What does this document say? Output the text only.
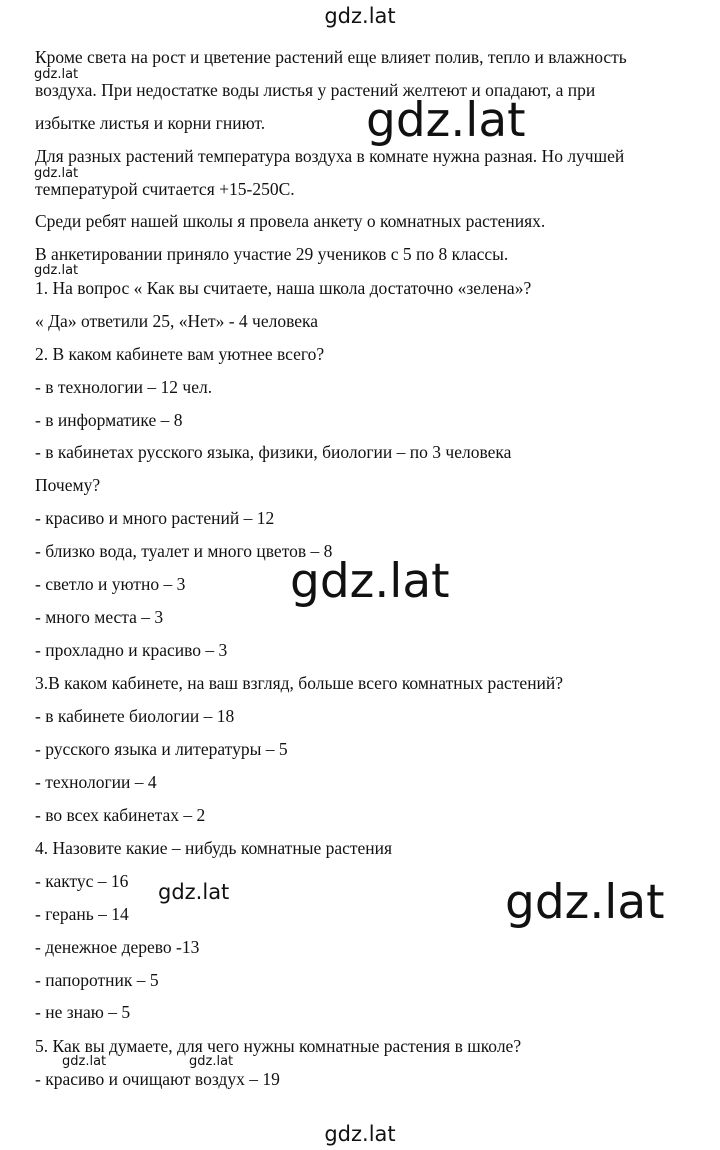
gdz.lat
gdz.lat

Кроме света на рост и цветение растений еще влияет полив, тепло и влажность

воздуха. При недостатке воды листья у растений желтеют и опадают, а при

избытке листья и корни гниют.

Для разных растений температура воздуха в комнате нужна разная. Но лучшей

температурой считается +15-250С.

Среди ребят нашей школы я провела анкету о комнатных растениях.

В анкетировании приняло участие 29 учеников с 5 по 8 классы.

1. На вопрос « Как вы считаете, наша школа достаточно «зелена»?

« Да» ответили 25, «Нет» - 4 человека

2. В каком кабинете вам уютнее всего?

- в технологии – 12 чел.

- в информатике – 8

- в кабинетах русского языка, физики, биологии – по 3 человека

Почему?

- красиво и много растений – 12

- близко вода, туалет и много цветов – 8

- светло и уютно – 3

- много места – 3

- прохладно и красиво – 3

3.В каком кабинете, на ваш взгляд, больше всего комнатных растений?

- в кабинете биологии – 18

- русского языка и литературы – 5

- технологии – 4

- во всех кабинетах – 2

4. Назовите какие – нибудь комнатные растения

- кактус – 16

- герань – 14

- денежное дерево -13

- папоротник – 5

- не знаю – 5

5. Как вы думаете, для чего нужны комнатные растения в школе?

- красиво и очищают воздух – 19

gdz.lat
gdz.lat
gdz.lat
gdz.lat	gdz.lat
gdz.lat
gdz.lat
gdz.lat
gdz.lat
